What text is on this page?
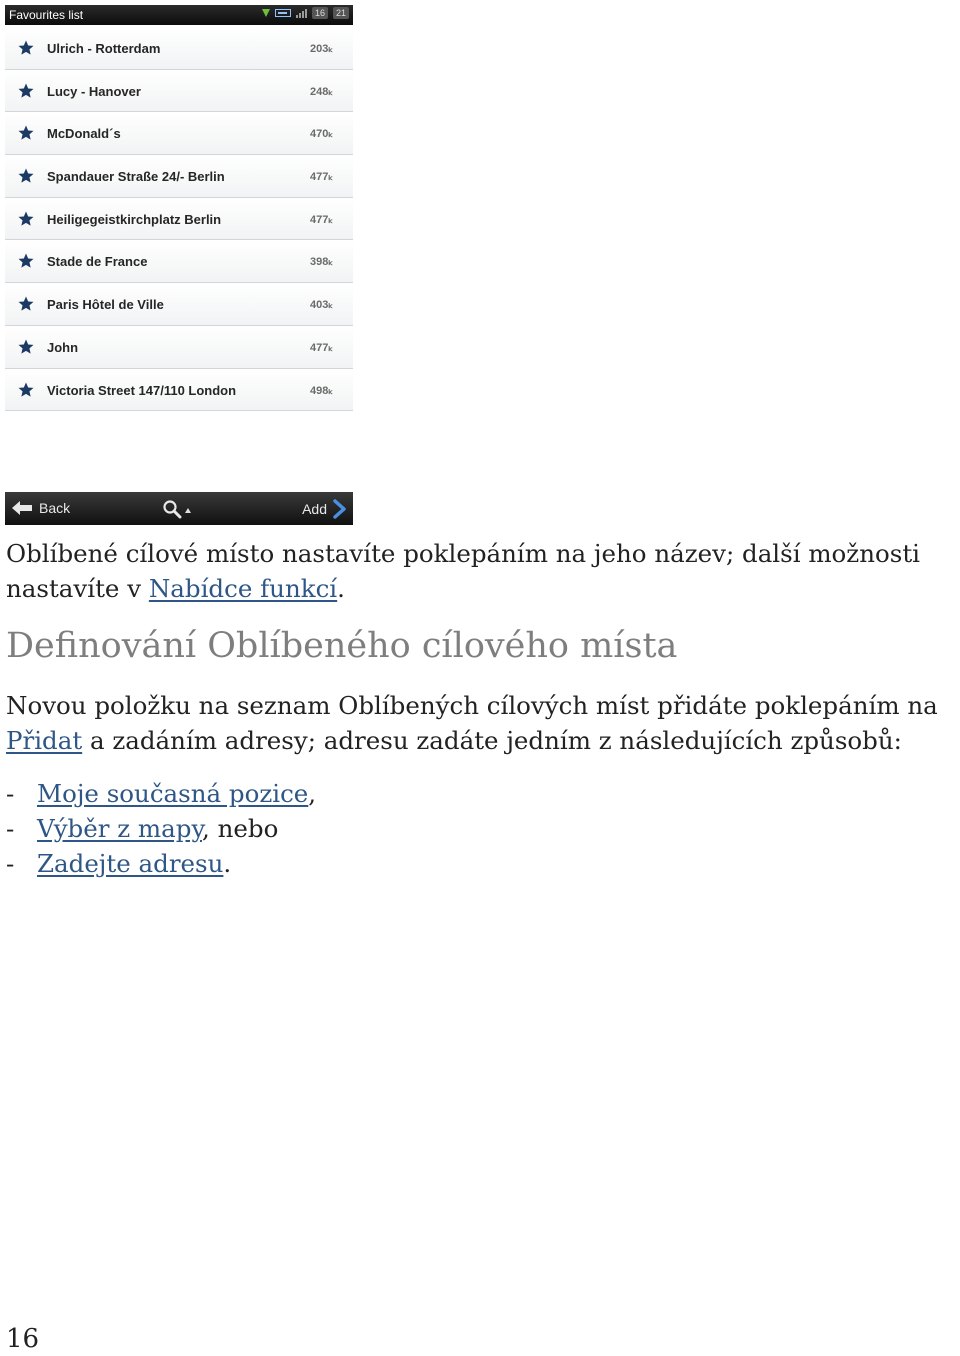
Favourites list	16	21
Ulrich - Rotterdam	203ₖ
Lucy - Hanover	248ₖ
McDonald´s	470ₖ
Spandauer Straße 24/- Berlin	477ₖ
Heiligegeistkirchplatz Berlin	477ₖ
Stade de France	398ₖ
Paris Hôtel de Ville	403ₖ
John	477ₖ
Victoria Street 147/110 London	498ₖ
Back	Add

Oblíbené cílové místo nastavíte poklepáním na jeho název; další možnosti
nastavíte v Nabídce funkcí.

Definování Oblíbeného cílového místa

Novou položku na seznam Oblíbených cílových míst přidáte poklepáním na
Přidat a zadáním adresy; adresu zadáte jedním z následujících způsobů:

- Moje současná pozice,
- Výběr z mapy, nebo
- Zadejte adresu.
16
